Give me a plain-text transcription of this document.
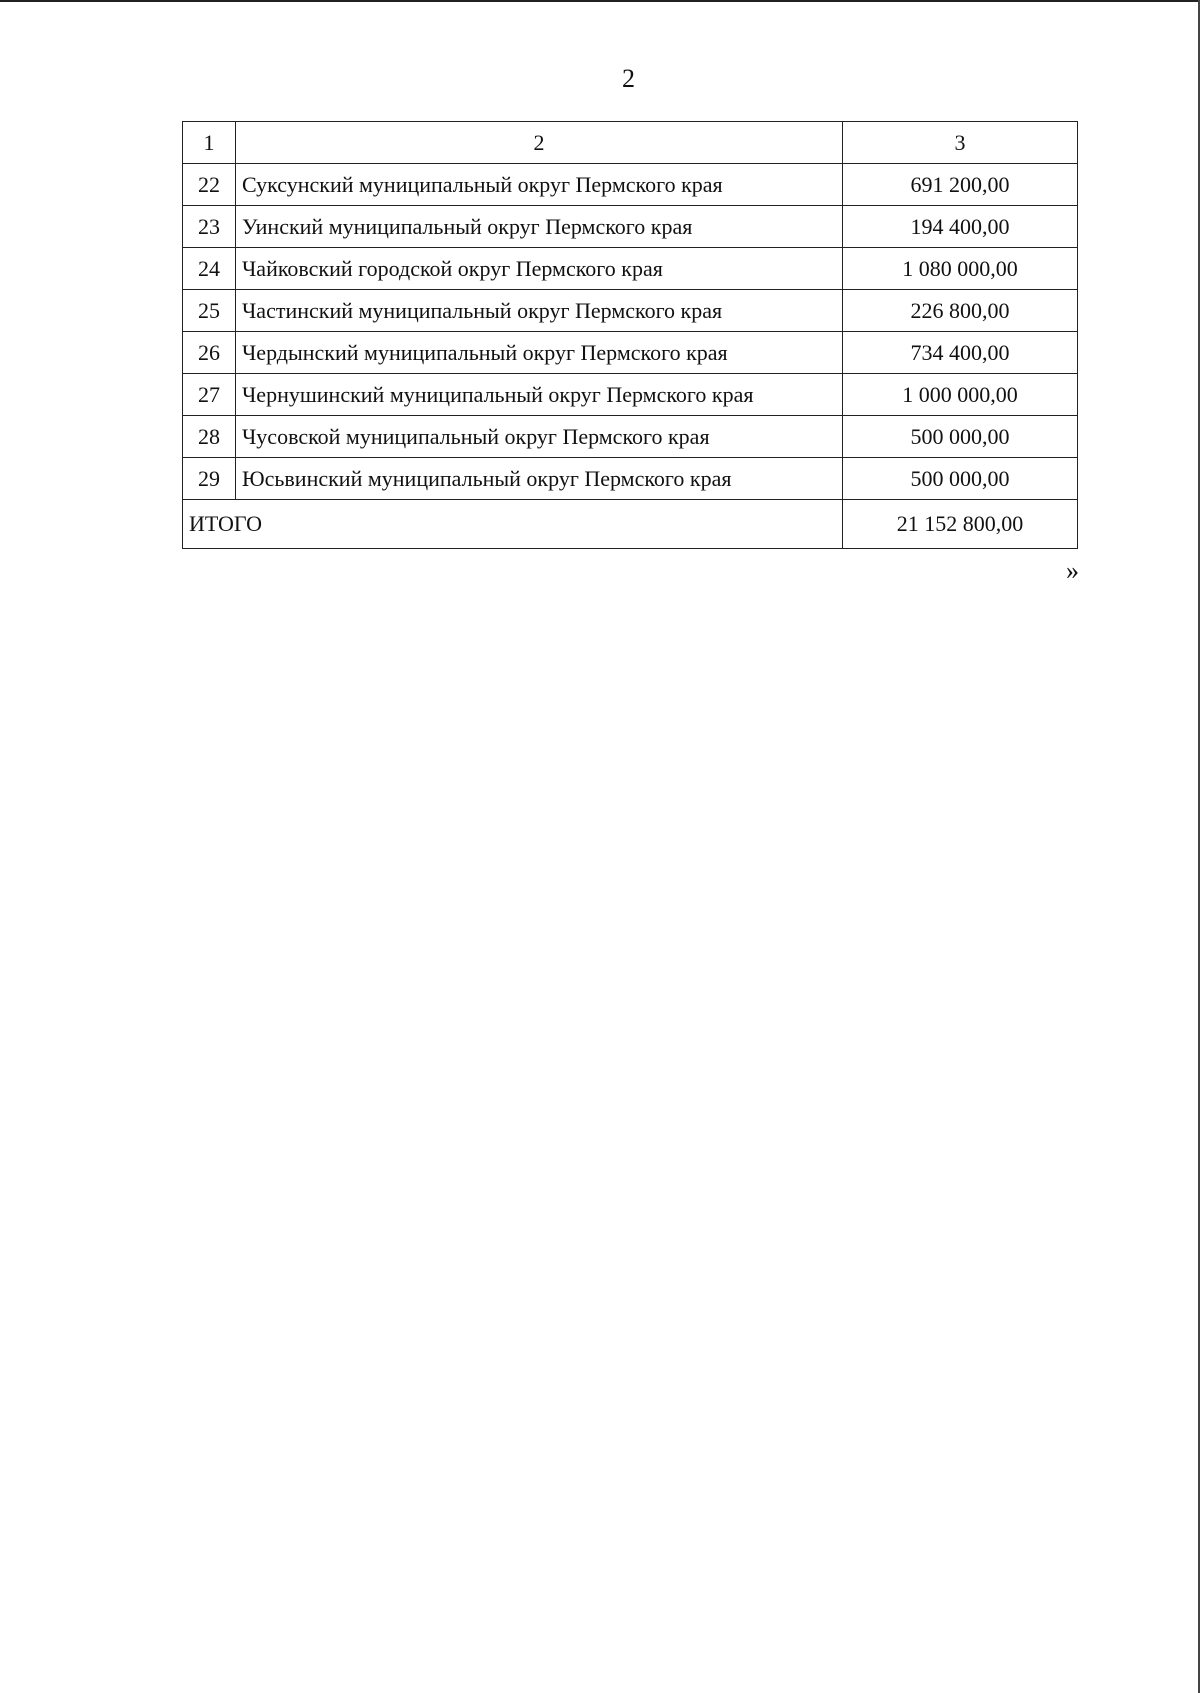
2
1	2	3
22	Суксунский муниципальный округ Пермского края	691 200,00
23	Уинский муниципальный округ Пермского края	194 400,00
24	Чайковский городской округ Пермского края	1 080 000,00
25	Частинский муниципальный округ Пермского края	226 800,00
26	Чердынский муниципальный округ Пермского края	734 400,00
27	Чернушинский муниципальный округ Пермского края	1 000 000,00
28	Чусовской муниципальный округ Пермского края	500 000,00
29	Юсьвинский муниципальный округ Пермского края	500 000,00
ИТОГО		21 152 800,00
»
